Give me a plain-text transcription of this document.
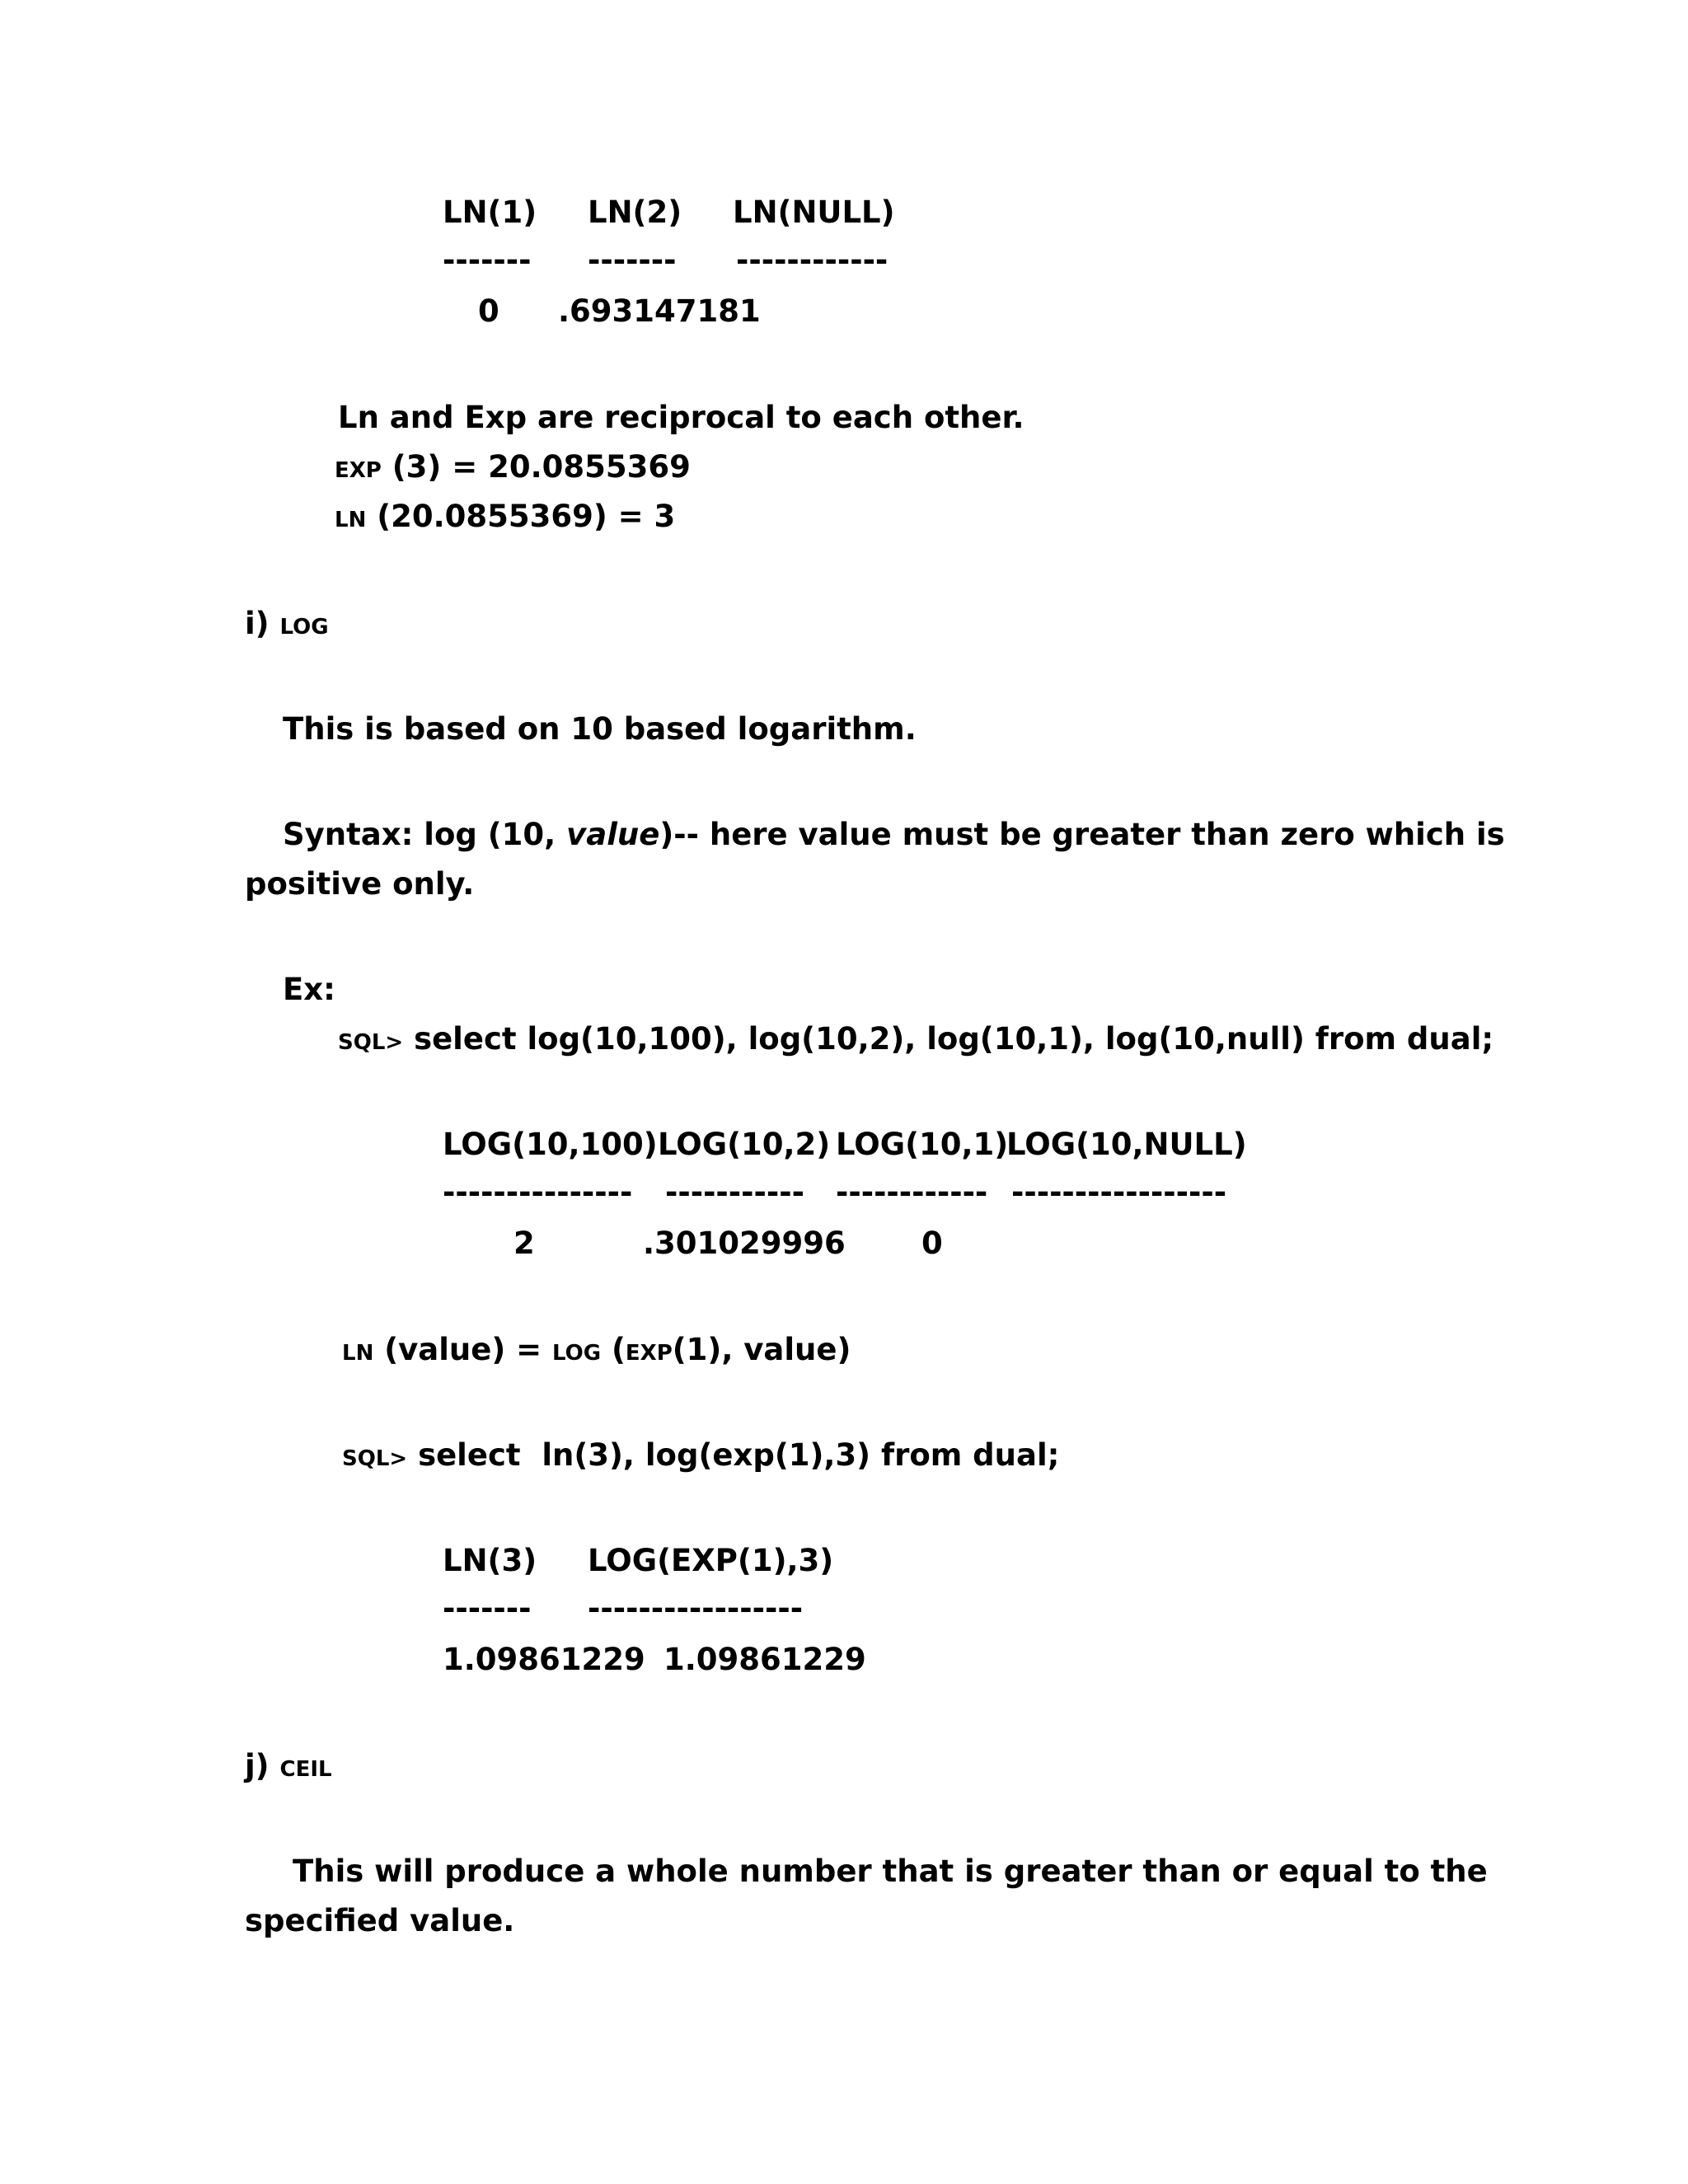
LN(1) LN(2) LN(NULL)
------- ------- ------------
0 .693147181
Ln and Exp are reciprocal to each other.
EXP (3) = 20.0855369
LN (20.0855369) = 3
i) LOG
This is based on 10 based logarithm.
Syntax: log (10, value)-- here value must be greater than zero which is
positive only.
Ex:
SQL> select log(10,100), log(10,2), log(10,1), log(10,null) from dual;
LOG(10,100) LOG(10,2) LOG(10,1)
LOG(10,NULL)
--------------- ----------- ------------ -----------------
2	.301029996 0
LN (value) = LOG (EXP(1), value)
SQL> select  ln(3), log(exp(1),3) from dual;
LN(3) LOG(EXP(1),3)
------- -----------------
1.09861229 1.09861229
j) CEIL
This will produce a whole number that is greater than or equal to the
specified value.
